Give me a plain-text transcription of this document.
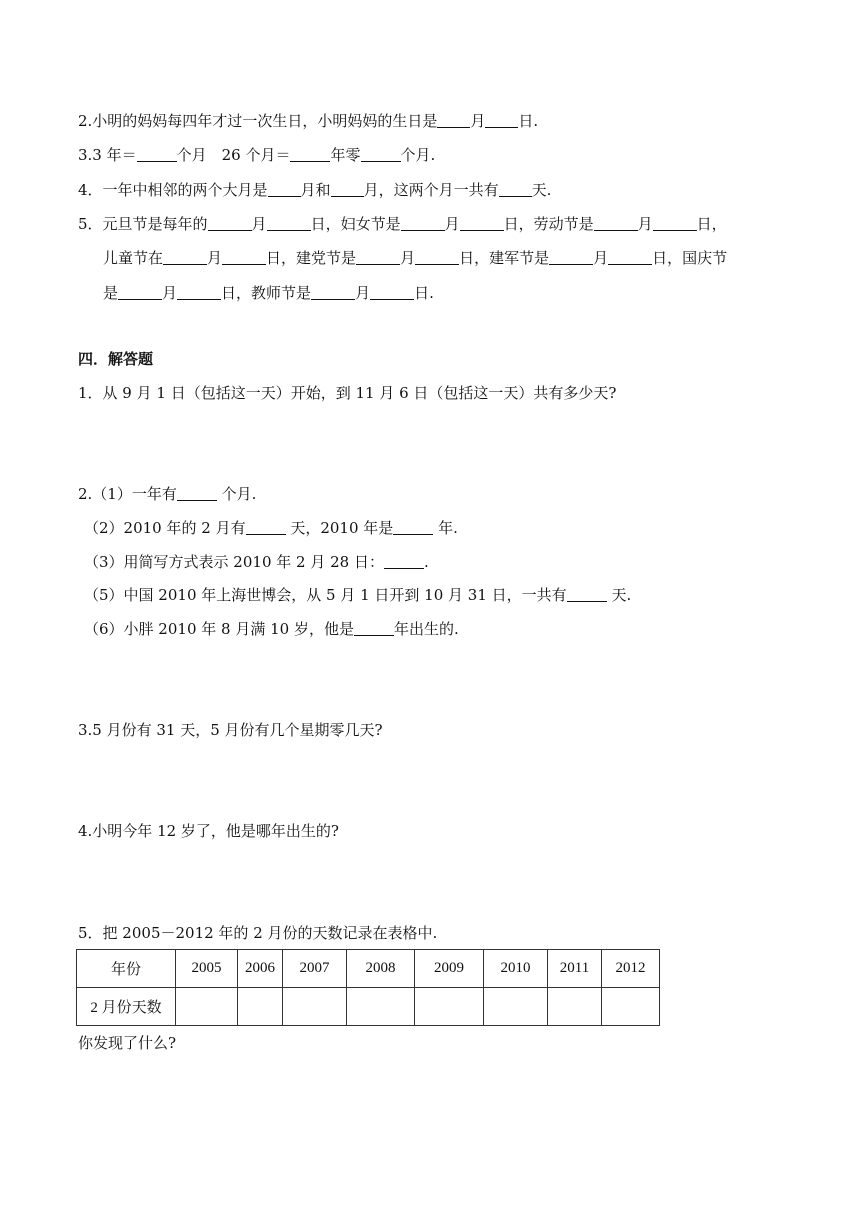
2.小明的妈妈每四年才过一次生日，小明妈妈的生日是 月 日.
3.3 年＝	个月　26 个月＝	年零	个月.
4．一年中相邻的两个大月是 月和 月，这两个月一共有 天.
5．元旦节是每年的	月	日，妇女节是	月	日，劳动节是	月	日，
儿童节在	月	日，建党节是	月	日，建军节是	月	日，国庆节
是	月	日，教师节是	月	日.
四．解答题
1．从 9 月 1 日（包括这一天）开始，到 11 月 6 日（包括这一天）共有多少天?
2.（1）一年有	个月.
（2）2010 年的 2 月有	天，2010 年是	年.
（3）用简写方式表示 2010 年 2 月 28 日：	.
（5）中国 2010 年上海世博会，从 5 月 1 日开到 10 月 31 日，一共有	天.
（6）小胖 2010 年 8 月满 10 岁，他是	年出生的.
3.5 月份有 31 天，5 月份有几个星期零几天?
4.小明今年 12 岁了，他是哪年出生的?
5．把 2005－2012 年的 2 月份的天数记录在表格中.
年份	2005	2006	2007	2008	2009	2010	2011	2012
2 月份天数								
你发现了什么?
